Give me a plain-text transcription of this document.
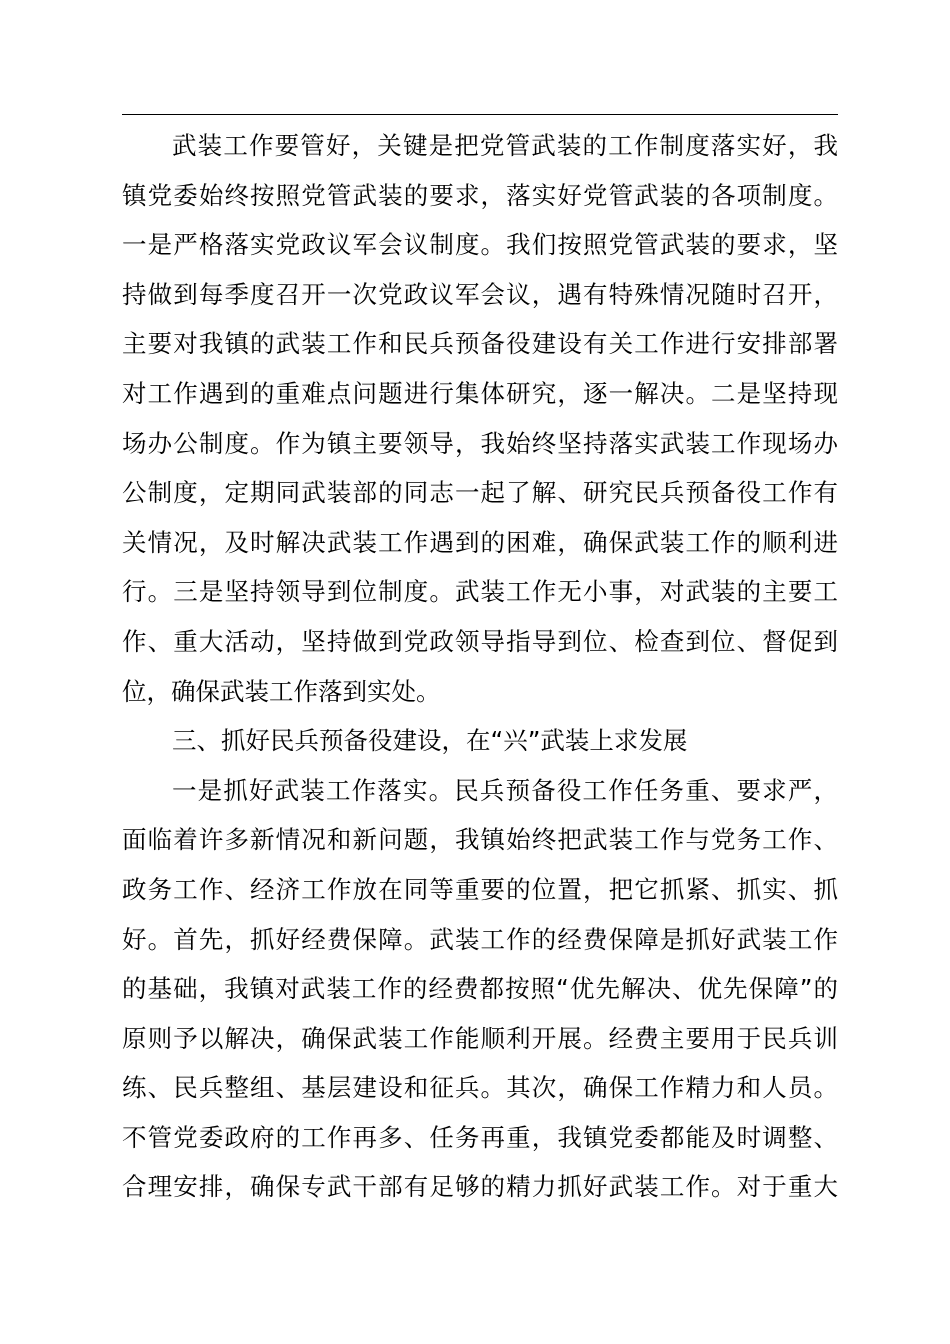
武装工作要管好，关键是把党管武装的工作制度落实好，我
镇党委始终按照党管武装的要求，落实好党管武装的各项制度。
一是严格落实党政议军会议制度。我们按照党管武装的要求，坚
持做到每季度召开一次党政议军会议，遇有特殊情况随时召开，
主要对我镇的武装工作和民兵预备役建设有关工作进行安排部署
对工作遇到的重难点问题进行集体研究，逐一解决。二是坚持现
场办公制度。作为镇主要领导，我始终坚持落实武装工作现场办
公制度，定期同武装部的同志一起了解、研究民兵预备役工作有
关情况，及时解决武装工作遇到的困难，确保武装工作的顺利进
行。三是坚持领导到位制度。武装工作无小事，对武装的主要工
作、重大活动，坚持做到党政领导指导到位、检查到位、督促到
位，确保武装工作落到实处。
三、抓好民兵预备役建设，在“兴”武装上求发展
一是抓好武装工作落实。民兵预备役工作任务重、要求严，
面临着许多新情况和新问题，我镇始终把武装工作与党务工作、
政务工作、经济工作放在同等重要的位置，把它抓紧、抓实、抓
好。首先，抓好经费保障。武装工作的经费保障是抓好武装工作
的基础，我镇对武装工作的经费都按照“优先解决、优先保障”的
原则予以解决，确保武装工作能顺利开展。经费主要用于民兵训
练、民兵整组、基层建设和征兵。其次，确保工作精力和人员。
不管党委政府的工作再多、任务再重，我镇党委都能及时调整、
合理安排，确保专武干部有足够的精力抓好武装工作。对于重大
